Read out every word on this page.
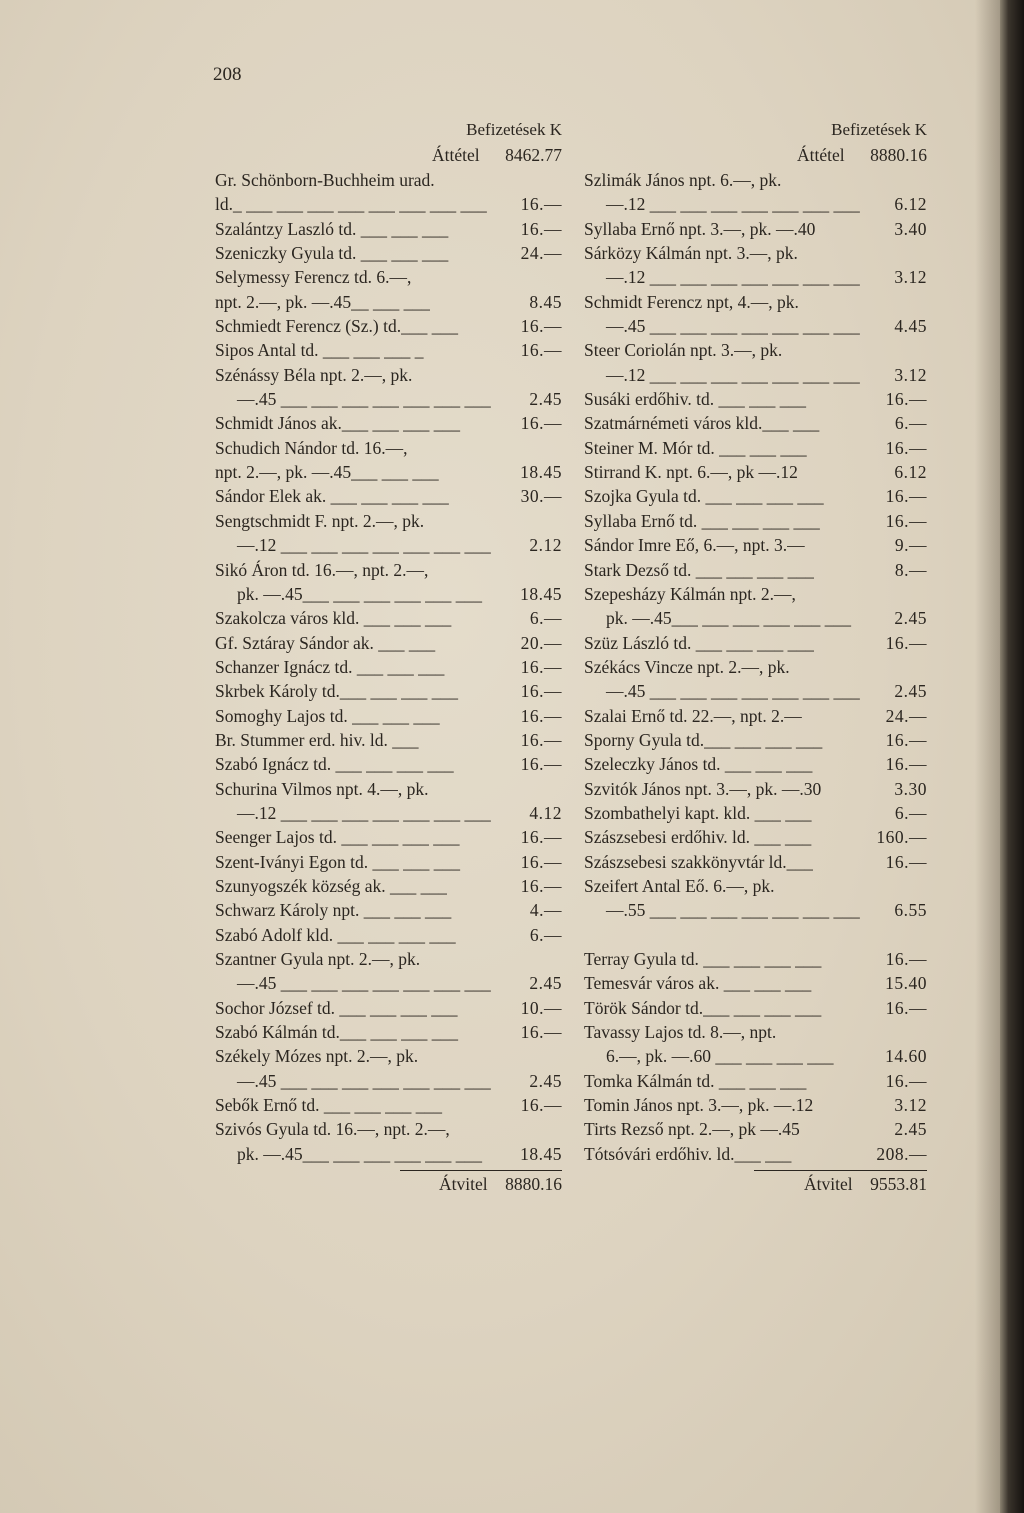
208
Befizetések K
Áttétel 8462.77
Gr. Schönborn-Buchheim urad.
ld._ ___ ___ ___ ___ ___ ___ ___ ___ 16.—
Szalántzy Laszló td. ___ ___ ___	16.—
Szeniczky Gyula td. ___ ___ ___	24.—
Selymessy Ferencz td. 6.—,
npt. 2.—, pk. —.45__ ___ ___	8.45
Schmiedt Ferencz (Sz.) td.___ ___	16.—
Sipos Antal td. ___ ___ ___ _	16.—
Szénássy Béla npt. 2.—, pk.
—.45 ___ ___ ___ ___ ___ ___ ___ 2.45
Schmidt János ak.___ ___ ___ ___	16.—
Schudich Nándor td. 16.—,
npt. 2.—, pk. —.45___ ___ ___	18.45
Sándor Elek ak. ___ ___ ___ ___	30.—
Sengtschmidt F. npt. 2.—, pk.
—.12 ___ ___ ___ ___ ___ ___ ___ 2.12
Sikó Áron td. 16.—, npt. 2.—,
pk. —.45___ ___ ___ ___ ___ ___ 18.45
Szakolcza város kld. ___ ___ ___	6.—
Gf. Sztáray Sándor ak. ___ ___	20.—
Schanzer Ignácz td. ___ ___ ___	16.—
Skrbek Károly td.___ ___ ___ ___	16.—
Somoghy Lajos td. ___ ___ ___	16.—
Br. Stummer erd. hiv. ld. ___	16.—
Szabó Ignácz td. ___ ___ ___ ___	16.—
Schurina Vilmos npt. 4.—, pk.
—.12 ___ ___ ___ ___ ___ ___ ___ 4.12
Seenger Lajos td. ___ ___ ___ ___	16.—
Szent-Iványi Egon td. ___ ___ ___	16.—
Szunyogszék község ak. ___ ___	16.—
Schwarz Károly npt. ___ ___ ___	4.—
Szabó Adolf kld. ___ ___ ___ ___	6.—
Szantner Gyula npt. 2.—, pk.
—.45 ___ ___ ___ ___ ___ ___ ___ 2.45
Sochor József td. ___ ___ ___ ___	10.—
Szabó Kálmán td.___ ___ ___ ___	16.—
Székely Mózes npt. 2.—, pk.
—.45 ___ ___ ___ ___ ___ ___ ___ 2.45
Sebők Ernő td. ___ ___ ___ ___	16.—
Szivós Gyula td. 16.—, npt. 2.—,
pk. —.45___ ___ ___ ___ ___ ___ 18.45
Átvitel 8880.16
Befizetések K
Áttétel 8880.16
Szlimák János npt. 6.—, pk.
—.12 ___ ___ ___ ___ ___ ___ ___ 6.12
Syllaba Ernő npt. 3.—, pk. —.40	3.40
Sárközy Kálmán npt. 3.—, pk.
—.12 ___ ___ ___ ___ ___ ___ ___ 3.12
Schmidt Ferencz npt, 4.—, pk.
—.45 ___ ___ ___ ___ ___ ___ ___ 4.45
Steer Coriolán npt. 3.—, pk.
—.12 ___ ___ ___ ___ ___ ___ ___ 3.12
Susáki erdőhiv. td. ___ ___ ___	16.—
Szatmárnémeti város kld.___ ___	6.—
Steiner M. Mór td. ___ ___ ___	16.—
Stirrand K. npt. 6.—, pk —.12	6.12
Szojka Gyula td. ___ ___ ___ ___	16.—
Syllaba Ernő td. ___ ___ ___ ___	16.—
Sándor Imre Eő, 6.—, npt. 3.—	9.—
Stark Dezső td. ___ ___ ___ ___	8.—
Szepesházy Kálmán npt. 2.—,
pk. —.45___ ___ ___ ___ ___ ___ 2.45
Szüz László td. ___ ___ ___ ___	16.—
Székács Vincze npt. 2.—, pk.
—.45 ___ ___ ___ ___ ___ ___ ___ 2.45
Szalai Ernő td. 22.—, npt. 2.—	24.—
Sporny Gyula td.___ ___ ___ ___	16.—
Szeleczky János td. ___ ___ ___	16.—
Szvitók János npt. 3.—, pk. —.30	3.30
Szombathelyi kapt. kld. ___ ___	6.—
Szászsebesi erdőhiv. ld. ___ ___	160.—
Szászsebesi szakkönyvtár ld.___	16.—
Szeifert Antal Eő. 6.—, pk.
—.55 ___ ___ ___ ___ ___ ___ ___ 6.55
Terray Gyula td. ___ ___ ___ ___	16.—
Temesvár város ak. ___ ___ ___	15.40
Török Sándor td.___ ___ ___ ___	16.—
Tavassy Lajos td. 8.—, npt.
6.—, pk. —.60 ___ ___ ___ ___	14.60
Tomka Kálmán td. ___ ___ ___	16.—
Tomin János npt. 3.—, pk. —.12	3.12
Tirts Rezső npt. 2.—, pk —.45	2.45
Tótsóvári erdőhiv. ld.___ ___	208.—
Átvitel 9553.81
